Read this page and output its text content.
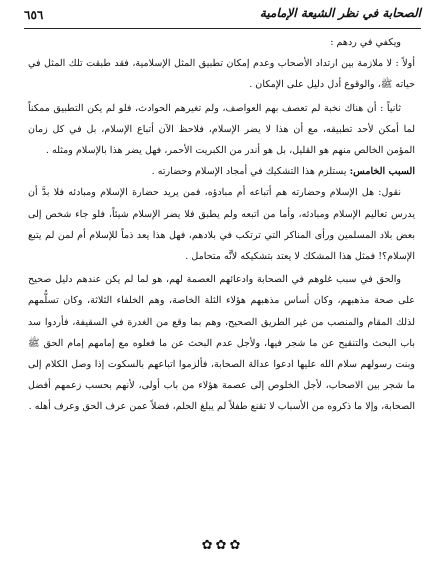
الصحابة في نظر الشيعة الإمامية
٦٥٦

ويكفي في ردهم :

أولاً : لا ملازمة بين ارتداد الأصحاب وعدم إمكان تطبيق المثل الإسلامية، فقد طبقت تلك المثل في حياته ﷺ، والوقوع أدل دليل على الإمكان .

ثانياً : أن هناك نخبة لم تعصف بهم العواصف، ولم تغيرهم الحوادث، فلو لم يكن التطبيق ممكناً لما أمكن لأحد تطبيقه، مع أن هذا لا يضر الإسلام، فلاحظ الآن أتباع الإسلام، بل في كل زمان المؤمن الخالص منهم هو القليل، بل هو أندر من الكبريت الأحمر، فهل يضر هذا بالإسلام ومثله .

السبب الخامس: يستلزم هذا التشكيك في أمجاد الإسلام وحضارته .

نقول: هل الإسلام وحضارته هم أتباعه أم مبادؤه، فمن يريد حضارة الإسلام ومبادئه فلا بدَّ أن يدرس تعاليم الإسلام ومبادئه، وأما من اتبعه ولم يطبق فلا يضر الإسلام شيئاً، فلو جاء شخص إلى بعض بلاد المسلمين ورأى المناكر التي ترتكب في بلادهم، فهل هذا يعد ذماً للإسلام أم لمن لم يتبع الإسلام؟! فمثل هذا المشكك لا يعتد بتشكيكه لأنَّه متحامل .

والحق في سبب غلوهم في الصحابة وادعائهم العصمة لهم، هو لما لم يكن عندهم دليل صحيح على صحة مذهبهم، وكان أساس مذهبهم هؤلاء الثلة الخاصة، وهم الخلفاء الثلاثة، وكان تسلُّمهم لذلك المقام والمنصب من غير الطريق الصحيح، وهم بما وقع من الغدرة في السقيفة، فأردوا سد باب البحث والتنقيح عن ما شجر فيها، ولأجل عدم البحث عن ما فعلوه مع إمامهم إمام الحق ﷺ وبنت رسولهم سلام الله عليها ادعوا عدالة الصحابة، فألزموا اتباعهم بالسكوت إذا وصل الكلام إلى ما شجر بين الاصحاب، لأجل الخلوص إلى عصمة هؤلاء من باب أولى، لأنهم بحسب زعمهم أفضل الصحابة، وإلا ما ذكروه من الأسباب لا تقنع طفلاً لم يبلغ الحلم، فضلاً عمن عرف الحق وعرف أهله .

✿✿✿
